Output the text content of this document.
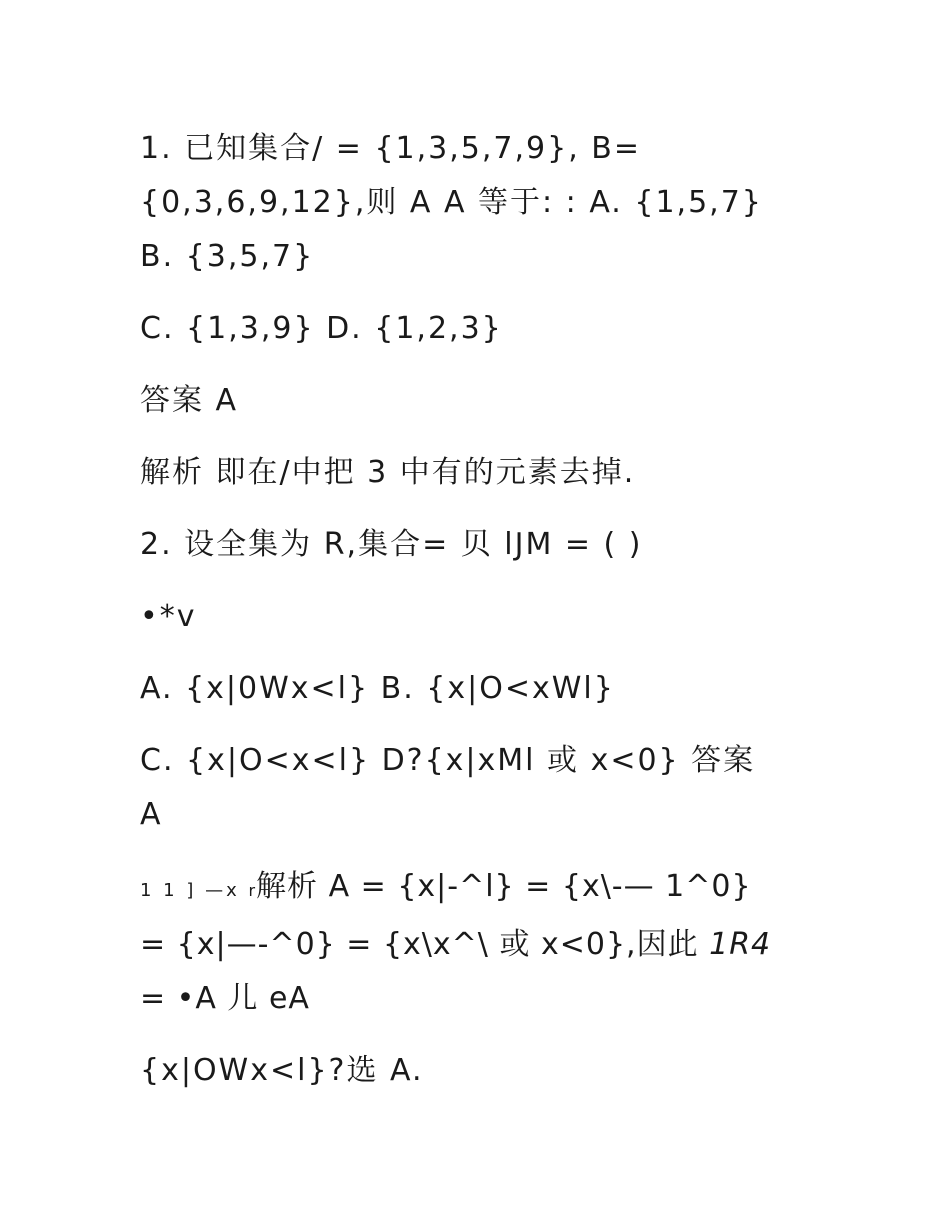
1. 已知集合/ = {1,3,5,7,9}, B=
{0,3,6,9,12},则 A A 等于: : A. {1,5,7}
B. {3,5,7}
C. {1,3,9} D. {1,2,3}
答案 A
解析 即在/中把 3 中有的元素去掉.
2. 设全集为 R,集合= 贝 lJM = ( )
•*v
A. {x|0Wx<l} B. {x|O<xWl}
C. {x|O<x<l} D?{x|xMl 或 x<0} 答案
A
1 1 ] —x r解析 A = {x|-^l} = {x\-— 1^0}
= {x|—-^0} = {x\x^\ 或 x<0},因此 1R4
= •A 儿 eA
{x|OWx<l}?选 A.
